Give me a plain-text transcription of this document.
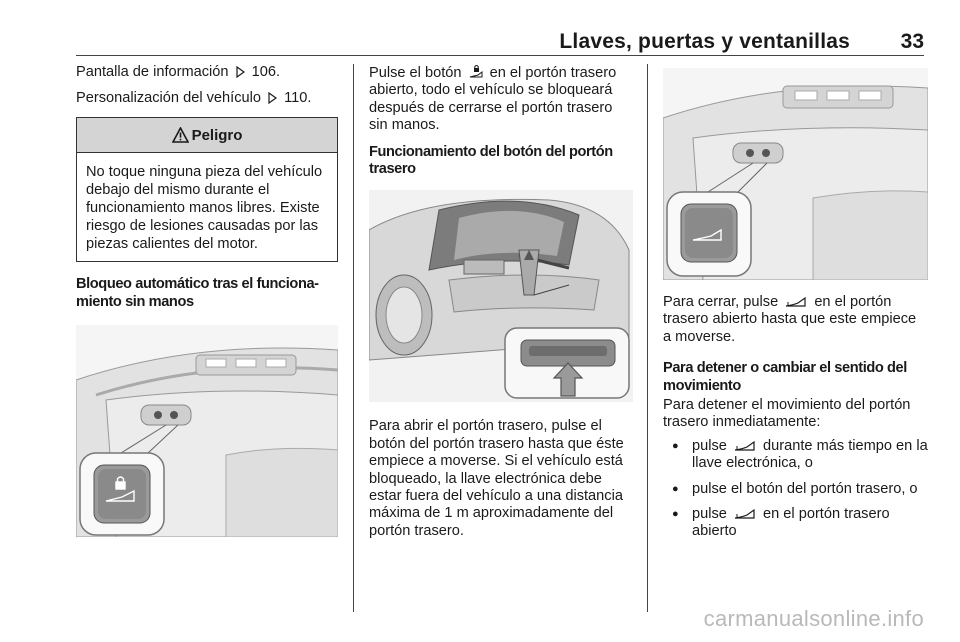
Llaves, puertas y ventanillas 33

Pantalla de información 106.

Personalización del vehículo 110.

Peligro
No toque ninguna pieza del vehículo debajo del mismo durante el funcionamiento manos libres. Existe riesgo de lesiones causadas por las piezas calientes del motor.
Bloqueo automático tras el funciona-miento sin manos

Pulse el botón en el portón trasero abierto, todo el vehículo se bloqueará después de cerrarse el portón trasero sin manos.

Funcionamiento del botón del portón trasero

Para abrir el portón trasero, pulse el botón del portón trasero hasta que éste empiece a moverse. Si el vehículo está bloqueado, la llave electrónica debe estar fuera del vehículo a una distancia máxima de 1 m aproximadamente del portón trasero.

Para cerrar, pulse en el portón trasero abierto hasta que este empiece a moverse.

Para detener o cambiar el sentido del movimiento

Para detener el movimiento del portón trasero inmediatamente:

● pulse durante más tiempo en la llave electrónica, o
● pulse el botón del portón trasero, o
● pulse en el portón trasero abierto
carmanualsonline.info
